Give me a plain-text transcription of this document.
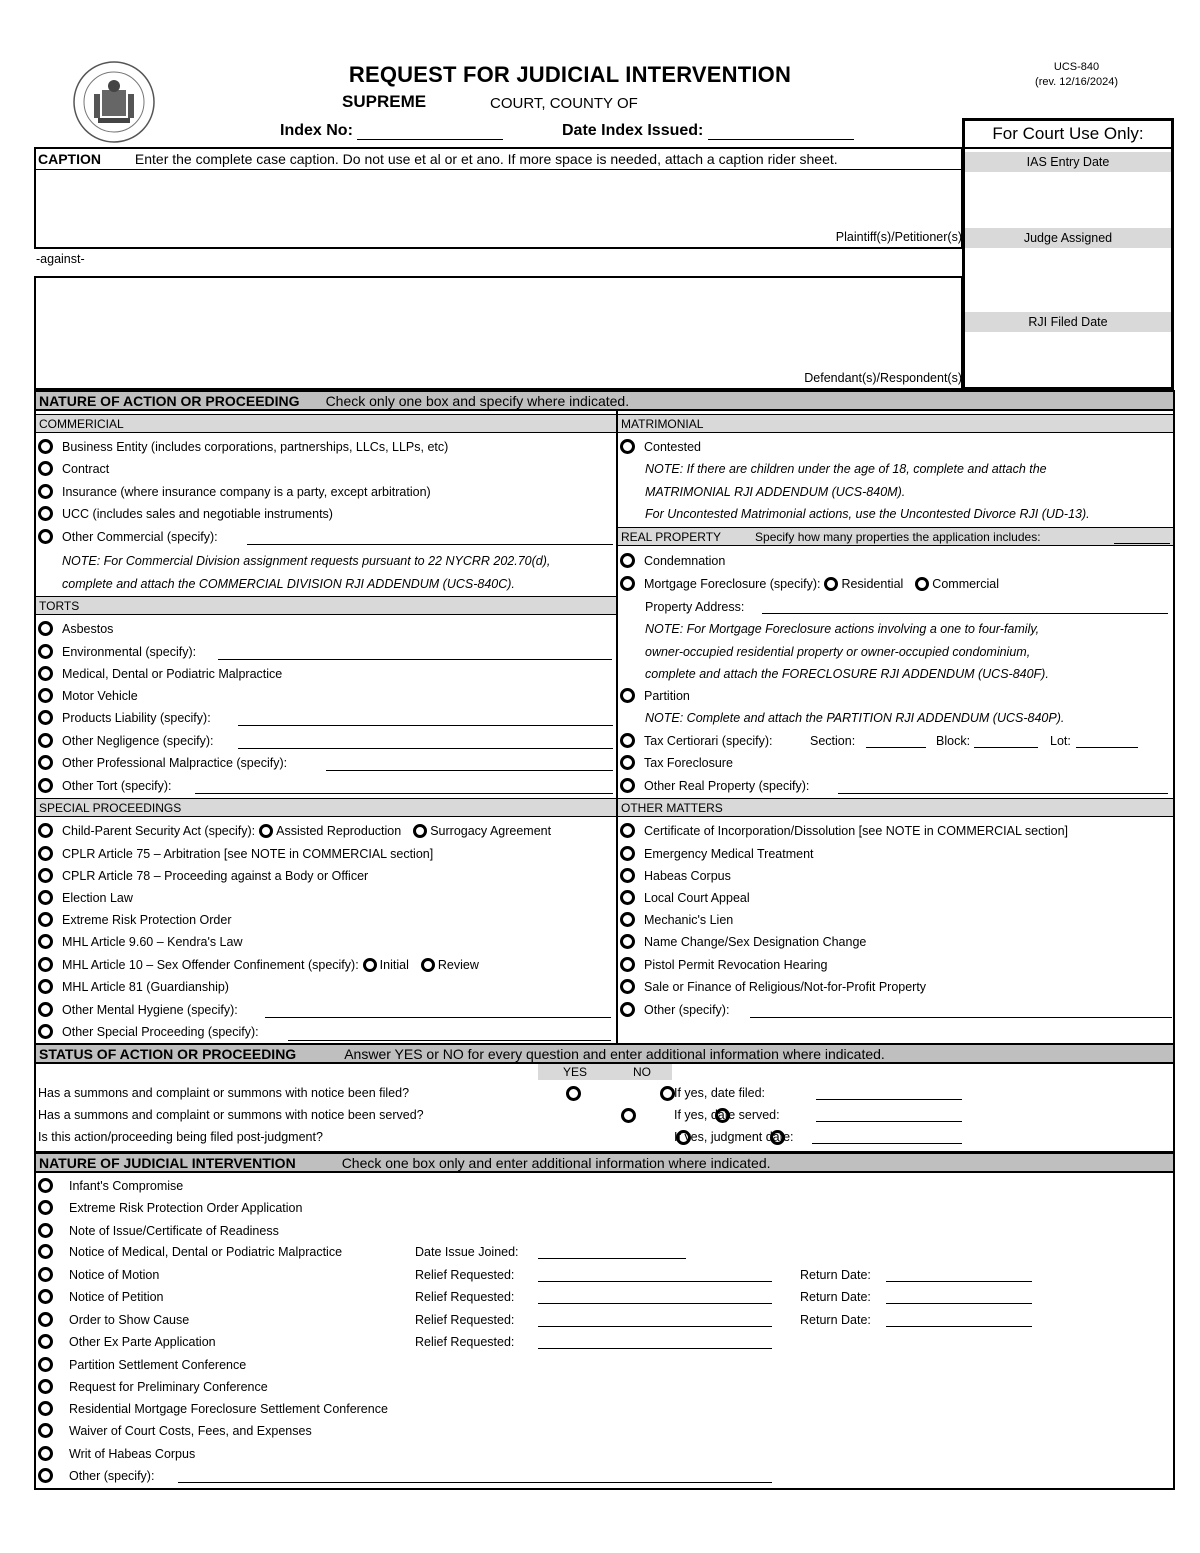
REQUEST FOR JUDICIAL INTERVENTION	UCS-840
(rev. 12/16/2024)
SUPREME	COURT, COUNTY OF
Index No:	Date Index Issued:	For Court Use Only:
IAS Entry Date
Judge Assigned
RJI Filed Date
CAPTION Enter the complete case caption. Do not use et al or et ano. If more space is needed, attach a caption rider sheet.
Plaintiff(s)/Petitioner(s)
-against-
Defendant(s)/Respondent(s)
NATURE OF ACTION OR PROCEEDING Check only one box and specify where indicated.
COMMERICIAL
Business Entity (includes corporations, partnerships, LLCs, LLPs, etc)
Contract
Insurance (where insurance company is a party, except arbitration)
UCC (includes sales and negotiable instruments)
Other Commercial (specify):
NOTE: For Commercial Division assignment requests pursuant to 22 NYCRR 202.70(d),
complete and attach the COMMERCIAL DIVISION RJI ADDENDUM (UCS-840C).
TORTS
Asbestos
Environmental (specify):
Medical, Dental or Podiatric Malpractice
Motor Vehicle
Products Liability (specify):
Other Negligence (specify):
Other Professional Malpractice (specify):
Other Tort (specify):
SPECIAL PROCEEDINGS
Child-Parent Security Act (specify): Assisted Reproduction Surrogacy Agreement
CPLR Article 75 – Arbitration [see NOTE in COMMERCIAL section]
CPLR Article 78 – Proceeding against a Body or Officer
Election Law
Extreme Risk Protection Order
MHL Article 9.60 – Kendra's Law
MHL Article 10 – Sex Offender Confinement (specify): Initial Review
MHL Article 81 (Guardianship)
Other Mental Hygiene (specify):
Other Special Proceeding (specify):
MATRIMONIAL
Contested
NOTE: If there are children under the age of 18, complete and attach the
MATRIMONIAL RJI ADDENDUM (UCS-840M).
For Uncontested Matrimonial actions, use the Uncontested Divorce RJI (UD-13).
REAL PROPERTY	Specify how many properties the application includes:
Condemnation
Mortgage Foreclosure (specify): Residential Commercial
Property Address:
NOTE: For Mortgage Foreclosure actions involving a one to four-family,
owner-occupied residential property or owner-occupied condominium,
complete and attach the FORECLOSURE RJI ADDENDUM (UCS-840F).
Partition
NOTE: Complete and attach the PARTITION RJI ADDENDUM (UCS-840P).
Tax Certiorari (specify):	Section:	Block:	Lot:
Tax Foreclosure
Other Real Property (specify):
OTHER MATTERS
Certificate of Incorporation/Dissolution [see NOTE in COMMERCIAL section]
Emergency Medical Treatment
Habeas Corpus
Local Court Appeal
Mechanic's Lien
Name Change/Sex Designation Change
Pistol Permit Revocation Hearing
Sale or Finance of Religious/Not-for-Profit Property
Other (specify):
STATUS OF ACTION OR PROCEEDING	Answer YES or NO for every question and enter additional information where indicated.
YES	NO
Has a summons and complaint or summons with notice been filed?
	If yes, date filed:
Has a summons and complaint or summons with notice been served?
	If yes, date served:
Is this action/proceeding being filed post-judgment?
	If yes, judgment date:
NATURE OF JUDICIAL INTERVENTION	Check one box only and enter additional information where indicated.
Infant's Compromise
Extreme Risk Protection Order Application
Note of Issue/Certificate of Readiness
Notice of Medical, Dental or Podiatric Malpractice	Date Issue Joined:
Notice of Motion	Relief Requested:	Return Date:
Notice of Petition	Relief Requested:	Return Date:
Order to Show Cause	Relief Requested:	Return Date:
Other Ex Parte Application	Relief Requested:
Partition Settlement Conference
Request for Preliminary Conference
Residential Mortgage Foreclosure Settlement Conference
Waiver of Court Costs, Fees, and Expenses
Writ of Habeas Corpus
Other (specify):
